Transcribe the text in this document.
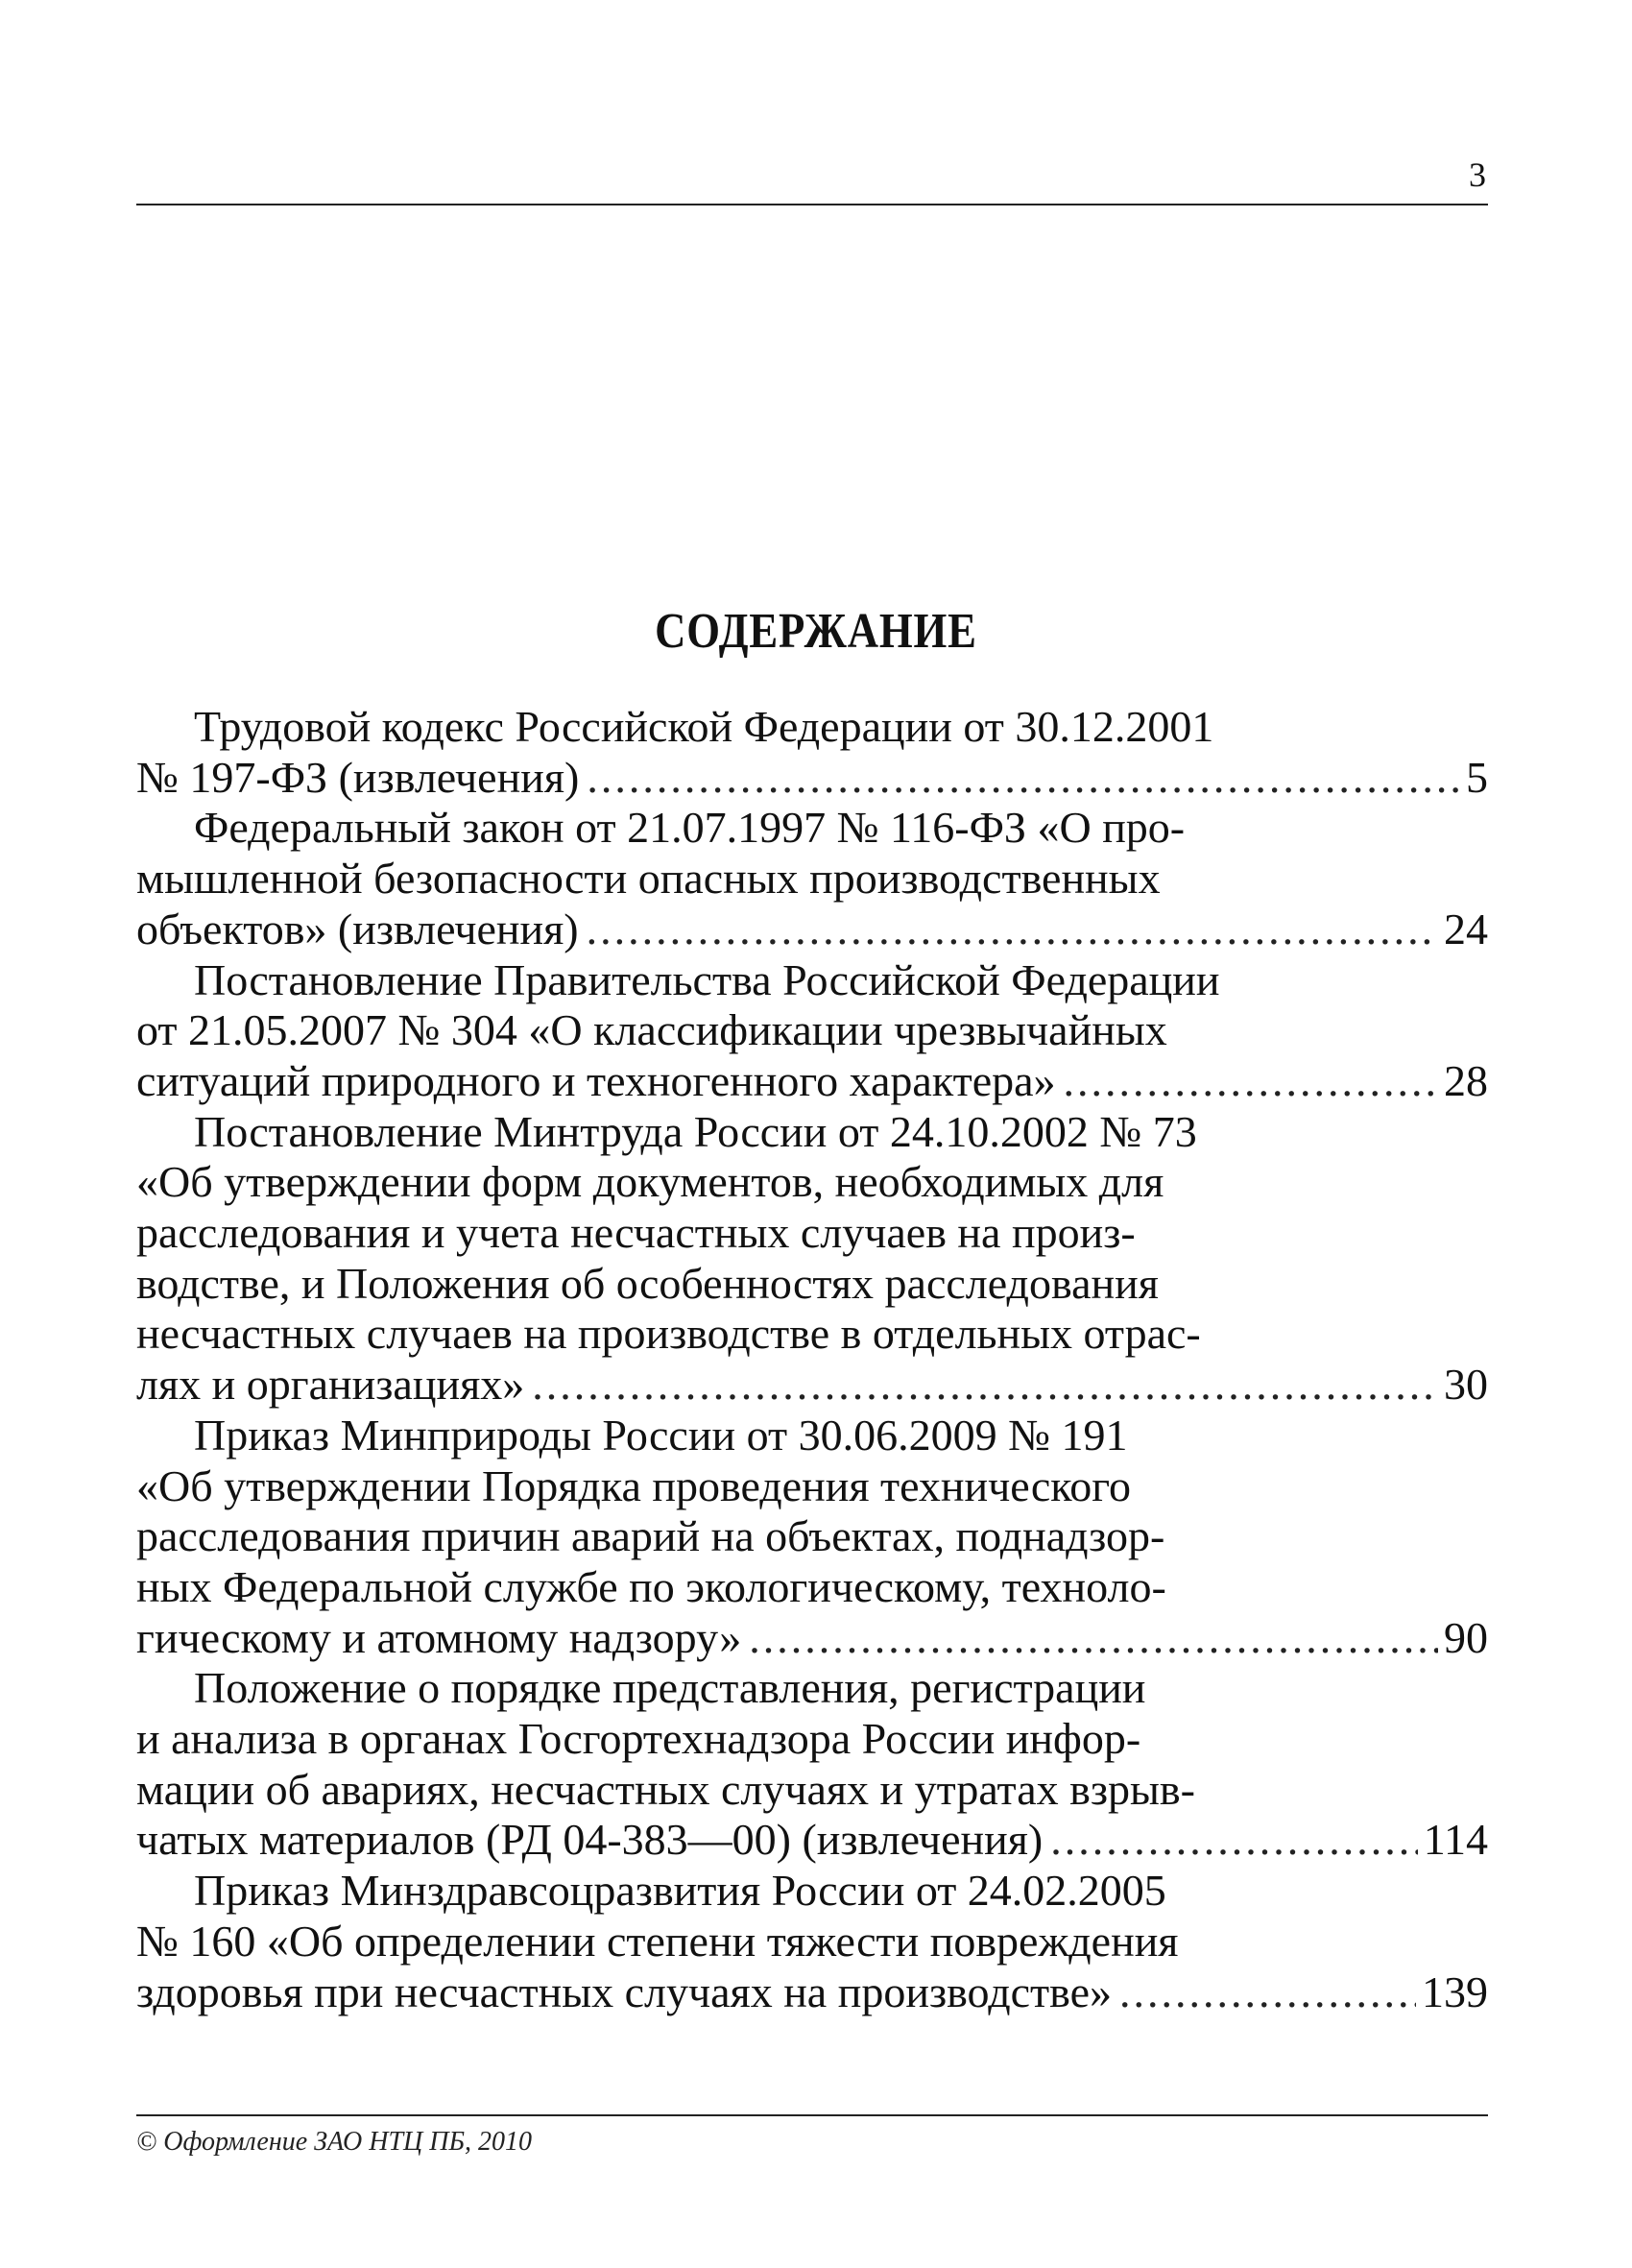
3
СОДЕРЖАНИЕ
Трудовой кодекс Российской Федерации от 30.12.2001
№ 197-ФЗ (извлечения) .....	5
Федеральный закон от 21.07.1997 № 116-ФЗ «О про-
мышленной безопасности опасных производственных
объектов» (извлечения) .....	24
Постановление Правительства Российской Федерации
от 21.05.2007 № 304 «О классификации чрезвычайных
ситуаций природного и техногенного характера» .....	28
Постановление Минтруда России от 24.10.2002 № 73
«Об утверждении форм документов, необходимых для
расследования и учета несчастных случаев на произ-
водстве, и Положения об особенностях расследования
несчастных случаев на производстве в отдельных отрас-
лях и организациях» .....	30
Приказ Минприроды России от 30.06.2009 № 191
«Об утверждении Порядка проведения технического
расследования причин аварий на объектах, поднадзор-
ных Федеральной службе по экологическому, техноло-
гическому и атомному надзору» .....	90
Положение о порядке представления, регистрации
и анализа в органах Госгортехнадзора России инфор-
мации об авариях, несчастных случаях и утратах взрыв-
чатых материалов (РД 04-383—00) (извлечения) .....	114
Приказ Минздравсоцразвития России от 24.02.2005
№ 160 «Об определении степени тяжести повреждения
здоровья при несчастных случаях на производстве» .....	139
© Оформление ЗАО НТЦ ПБ, 2010
